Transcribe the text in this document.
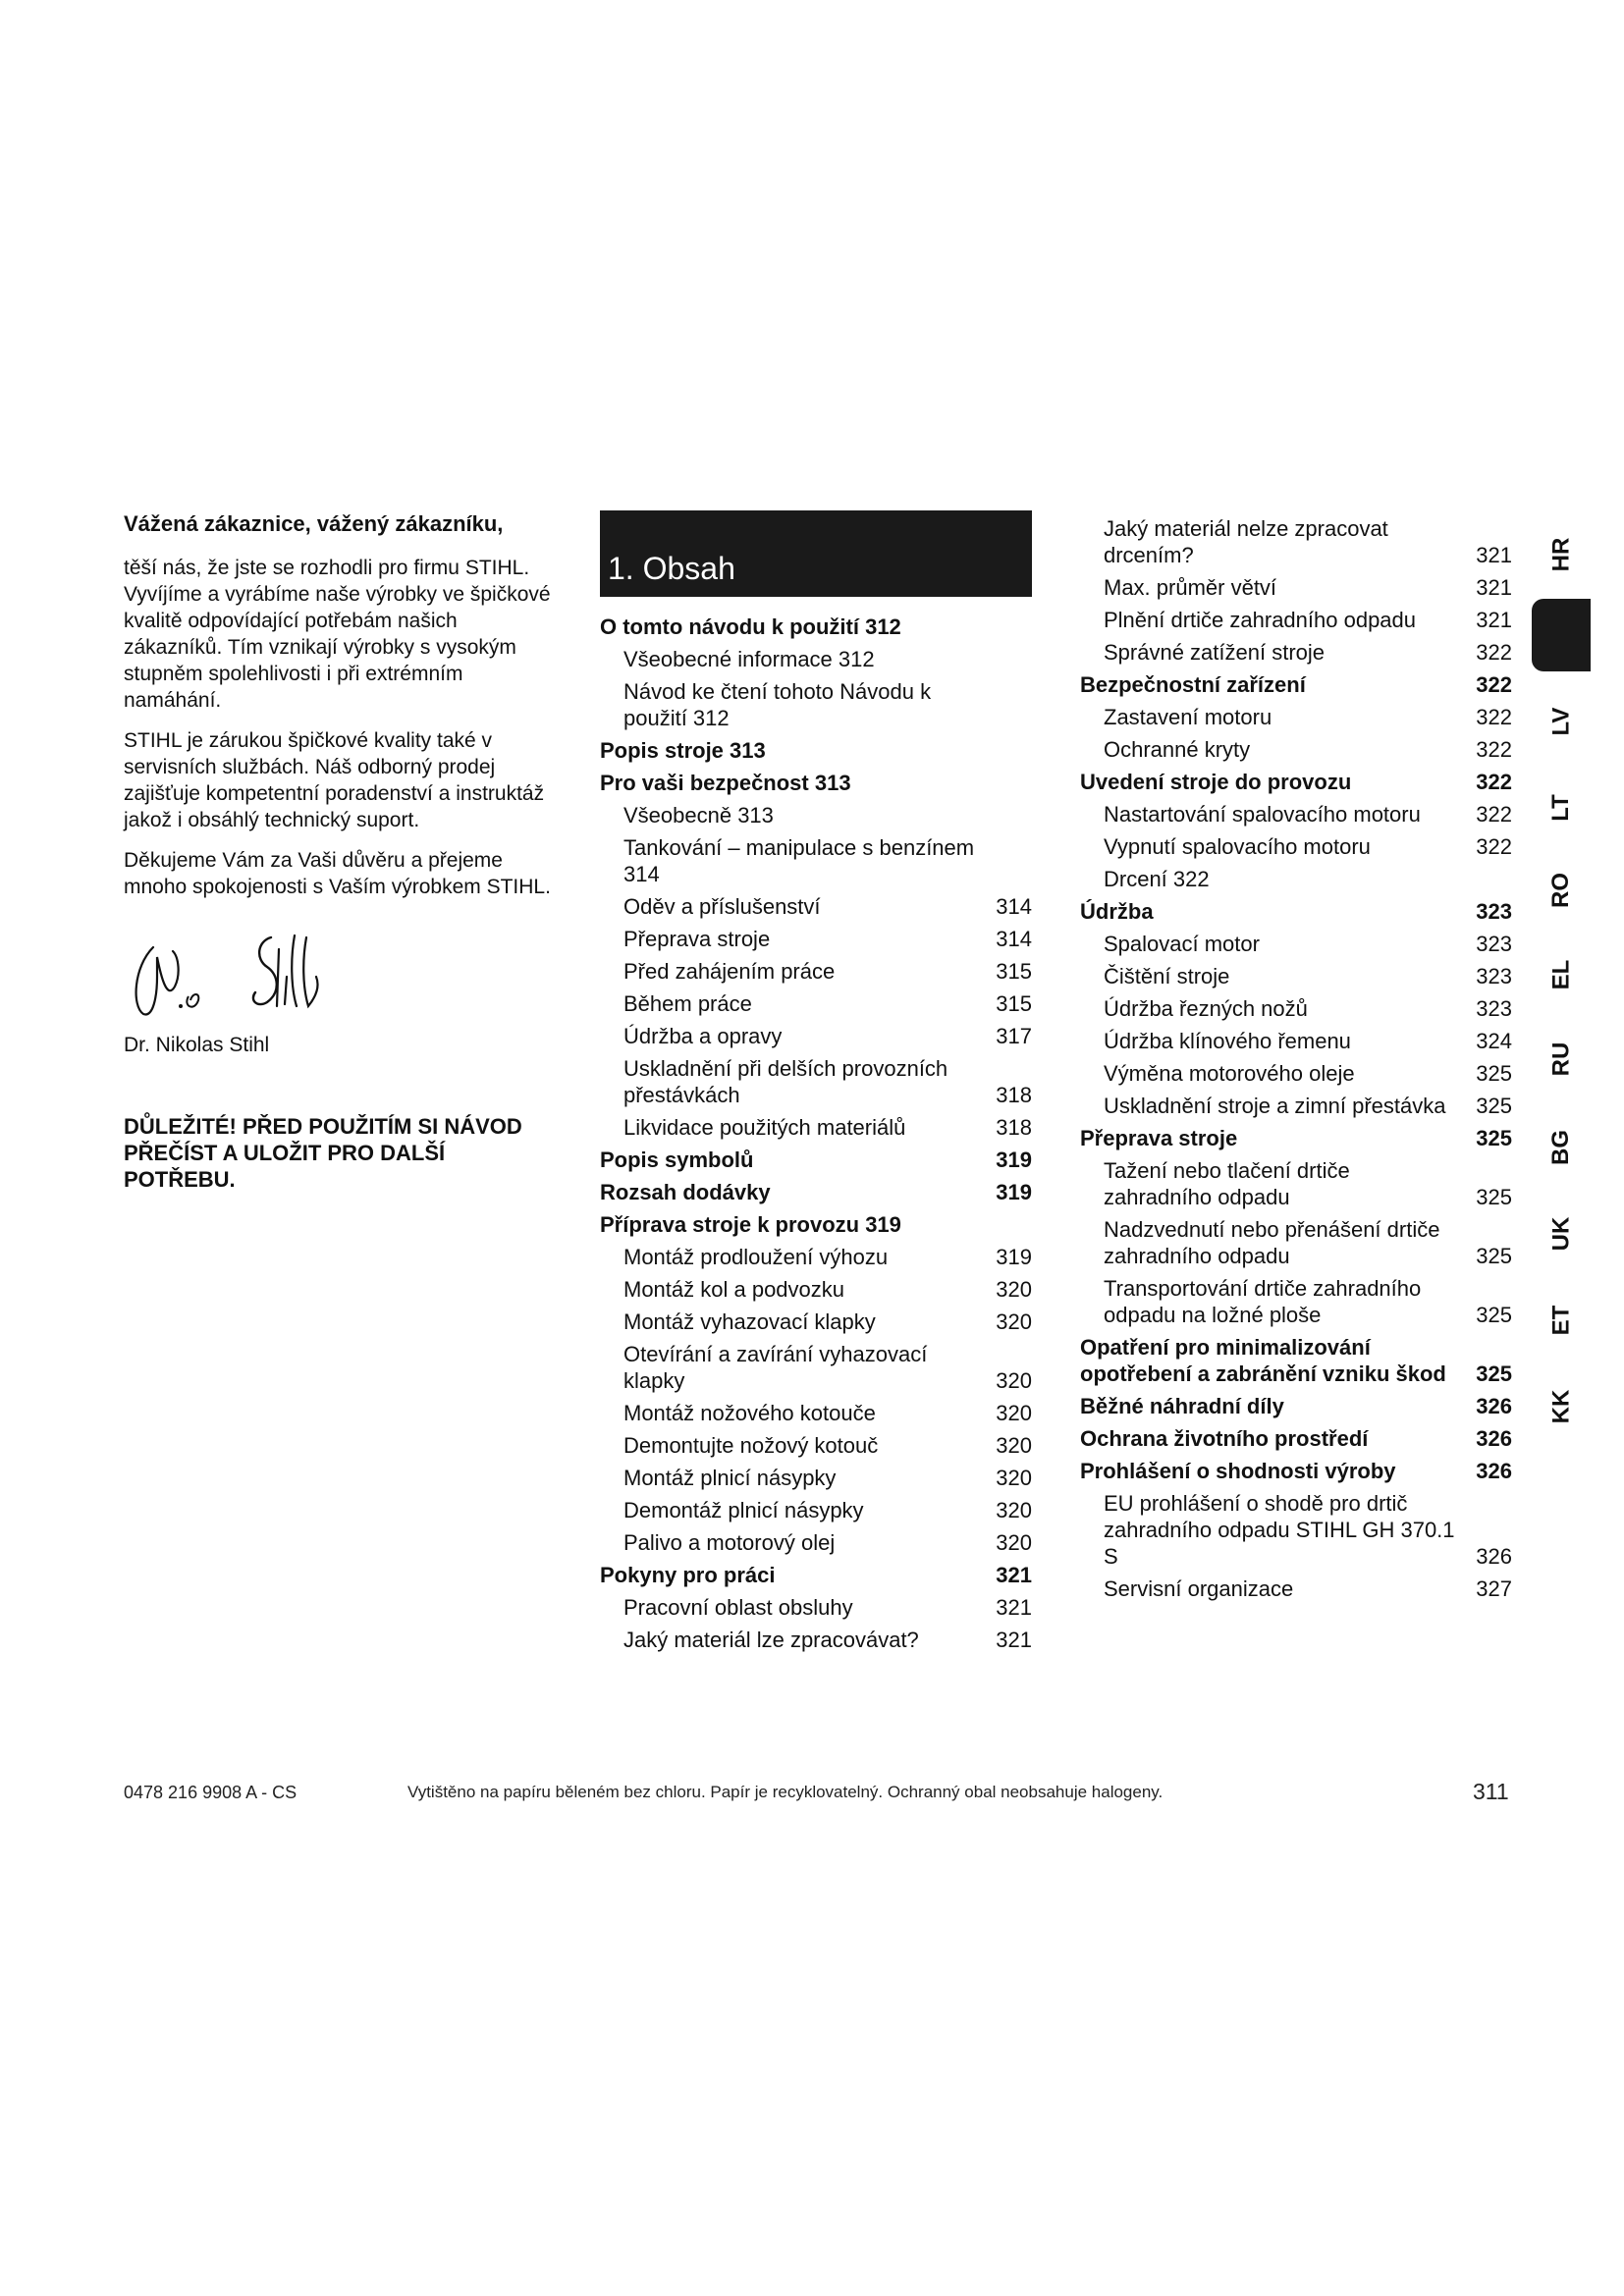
Vážená zákaznice, vážený zákazníku,

těší nás, že jste se rozhodli pro firmu STIHL. Vyvíjíme a vyrábíme naše výrobky ve špičkové kvalitě odpovídající potřebám našich zákazníků. Tím vznikají výrobky s vysokým stupněm spolehlivosti i při extrémním namáhání.

STIHL je zárukou špičkové kvality také v servisních službách. Náš odborný prodej zajišťuje kompetentní poradenství a instruktáž jakož i obsáhlý technický suport.

Děkujeme Vám za Vaši důvěru a přejeme mnoho spokojenosti s Vaším výrobkem STIHL.

Dr. Nikolas Stihl
DŮLEŽITÉ! PŘED POUŽITÍM SI NÁVOD PŘEČÍST A ULOŽIT PRO DALŠÍ POTŘEBU.
1. Obsah
O tomto návodu k použití 312
Všeobecné informace 312
Návod ke čtení tohoto Návodu k použití 312
Popis stroje 313
Pro vaši bezpečnost 313
Všeobecně 313
Tankování – manipulace s benzínem 314
Oděv a příslušenství	314
Přeprava stroje	314
Před zahájením práce	315
Během práce	315
Údržba a opravy	317
Uskladnění při delších provozních přestávkách	318
Likvidace použitých materiálů	318
Popis symbolů	319
Rozsah dodávky	319
Příprava stroje k provozu 319
Montáž prodloužení výhozu	319
Montáž kol a podvozku	320
Montáž vyhazovací klapky	320
Otevírání a zavírání vyhazovací klapky	320
Montáž nožového kotouče	320
Demontujte nožový kotouč	320
Montáž plnicí násypky	320
Demontáž plnicí násypky	320
Palivo a motorový olej	320
Pokyny pro práci	321
Pracovní oblast obsluhy	321
Jaký materiál lze zpracovávat?	321
Jaký materiál nelze zpracovat drcením?	321
Max. průměr větví	321
Plnění drtiče zahradního odpadu	321
Správné zatížení stroje	322
Bezpečnostní zařízení	322
Zastavení motoru	322
Ochranné kryty	322
Uvedení stroje do provozu	322
Nastartování spalovacího motoru	322
Vypnutí spalovacího motoru	322
Drcení 322
Údržba	323
Spalovací motor	323
Čištění stroje	323
Údržba řezných nožů	323
Údržba klínového řemenu	324
Výměna motorového oleje	325
Uskladnění stroje a zimní přestávka	325
Přeprava stroje	325
Tažení nebo tlačení drtiče zahradního odpadu	325
Nadzvednutí nebo přenášení drtiče zahradního odpadu	325
Transportování drtiče zahradního odpadu na ložné ploše	325
Opatření pro minimalizování opotřebení a zabránění vzniku škod	325
Běžné náhradní díly	326
Ochrana životního prostředí	326
Prohlášení o shodnosti výroby	326
EU prohlášení o shodě pro drtič zahradního odpadu STIHL GH 370.1 S	326
Servisní organizace	327
HR
LV
LT
RO
EL
RU
BG
UK
ET
KK
0478 216 9908 A - CS	Vytištěno na papíru běleném bez chloru. Papír je recyklovatelný. Ochranný obal neobsahuje halogeny.	311
